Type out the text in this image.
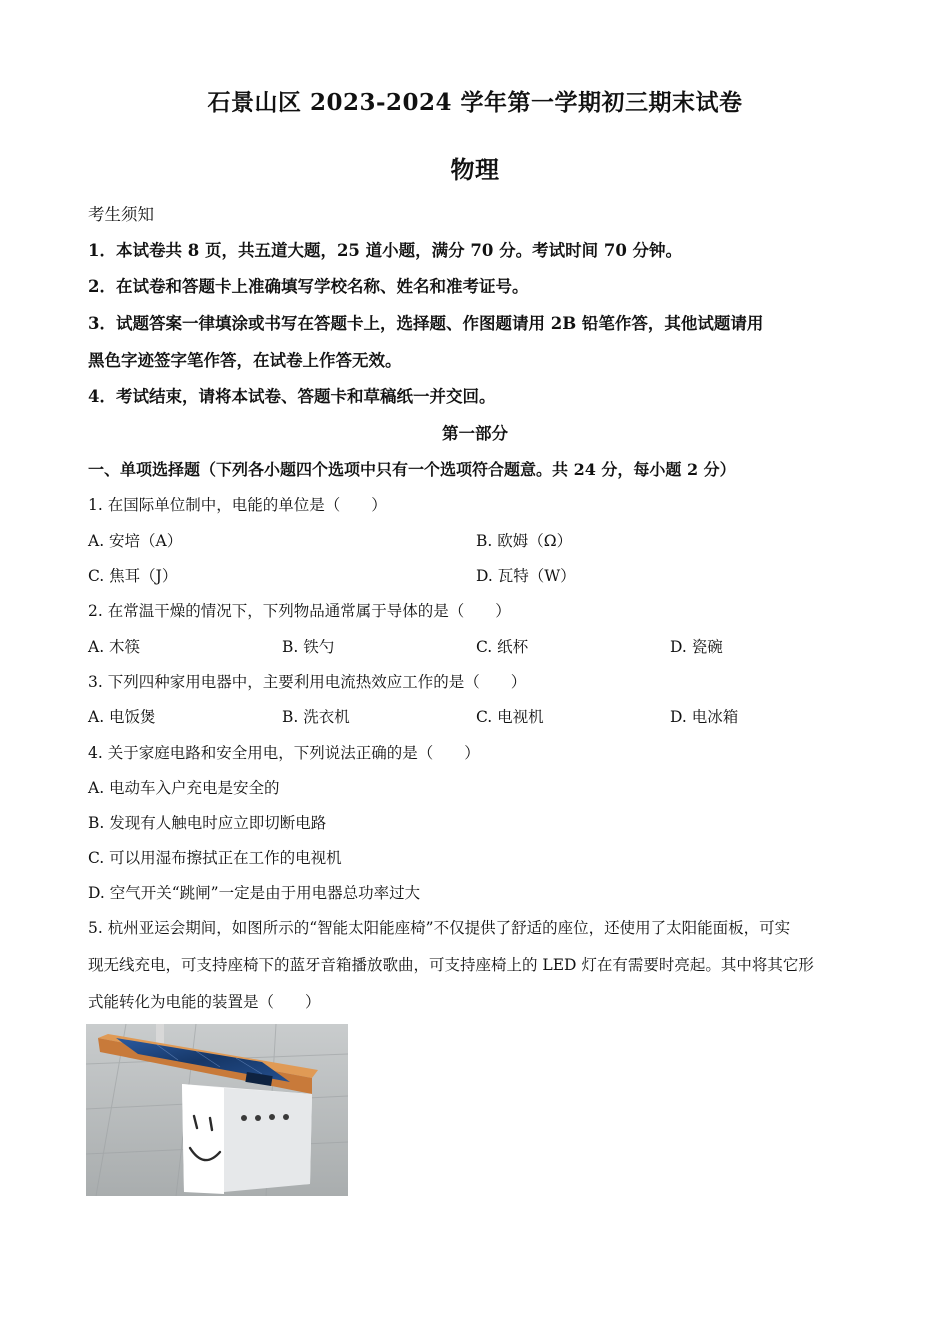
石景山区 2023-2024 学年第一学期初三期末试卷
物理
考生须知
1．本试卷共 8 页，共五道大题，25 道小题，满分 70 分。考试时间 70 分钟。
2．在试卷和答题卡上准确填写学校名称、姓名和准考证号。
3．试题答案一律填涂或书写在答题卡上，选择题、作图题请用 2B 铅笔作答，其他试题请用
黑色字迹签字笔作答，在试卷上作答无效。
4．考试结束，请将本试卷、答题卡和草稿纸一并交回。
第一部分
一、单项选择题（下列各小题四个选项中只有一个选项符合题意。共 24 分，每小题 2 分）
1. 在国际单位制中，电能的单位是（　　）
A. 安培（A）	B. 欧姆（Ω）
C. 焦耳（J）	D. 瓦特（W）
2. 在常温干燥的情况下，下列物品通常属于导体的是（　　）
A. 木筷	B. 铁勺	C. 纸杯	D. 瓷碗
3. 下列四种家用电器中，主要利用电流热效应工作的是（　　）
A. 电饭煲	B. 洗衣机	C. 电视机	D. 电冰箱
4. 关于家庭电路和安全用电，下列说法正确的是（　　）
A. 电动车入户充电是安全的
B. 发现有人触电时应立即切断电路
C. 可以用湿布擦拭正在工作的电视机
D. 空气开关“跳闸”一定是由于用电器总功率过大
5. 杭州亚运会期间，如图所示的“智能太阳能座椅”不仅提供了舒适的座位，还使用了太阳能面板，可实
现无线充电，可支持座椅下的蓝牙音箱播放歌曲，可支持座椅上的 LED 灯在有需要时亮起。其中将其它形
式能转化为电能的装置是（　　）
